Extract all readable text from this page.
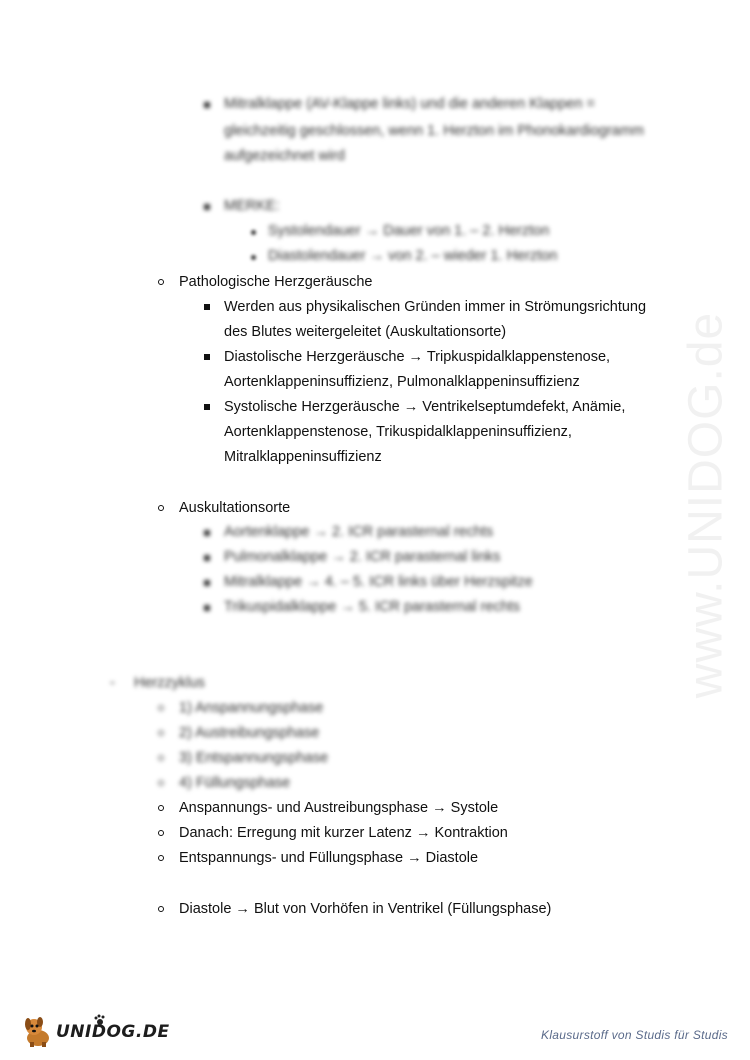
www.UNIDOG.de
Mitralklappe (AV-Klappe links) und die anderen Klappen =
gleichzeitig geschlossen, wenn 1. Herzton im Phonokardiogramm
aufgezeichnet wird
MERKE:
Systolendauer → Dauer von 1. – 2. Herzton
Diastolendauer → von 2. – wieder 1. Herzton
Pathologische Herzgeräusche
Werden aus physikalischen Gründen immer in Strömungsrichtung
des Blutes weitergeleitet (Auskultationsorte)
Diastolische Herzgeräusche → Tripkuspidalklappenstenose,
Aortenklappeninsuffizienz, Pulmonalklappeninsuffizienz
Systolische Herzgeräusche → Ventrikelseptumdefekt, Anämie,
Aortenklappenstenose, Trikuspidalklappeninsuffizienz,
Mitralklappeninsuffizienz
Auskultationsorte
Aortenklappe → 2. ICR parasternal rechts
Pulmonalklappe → 2. ICR parasternal links
Mitralklappe → 4. – 5. ICR links über Herzspitze
Trikuspidalklappe → 5. ICR parasternal rechts
- Herzzyklus
1) Anspannungsphase
2) Austreibungsphase
3) Entspannungsphase
4) Füllungsphase
Anspannungs- und Austreibungsphase → Systole
Danach: Erregung mit kurzer Latenz → Kontraktion
Entspannungs- und Füllungsphase → Diastole
Diastole → Blut von Vorhöfen in Ventrikel (Füllungsphase)
UNIDOG.DE	Klausurstoff von Studis für Studis
